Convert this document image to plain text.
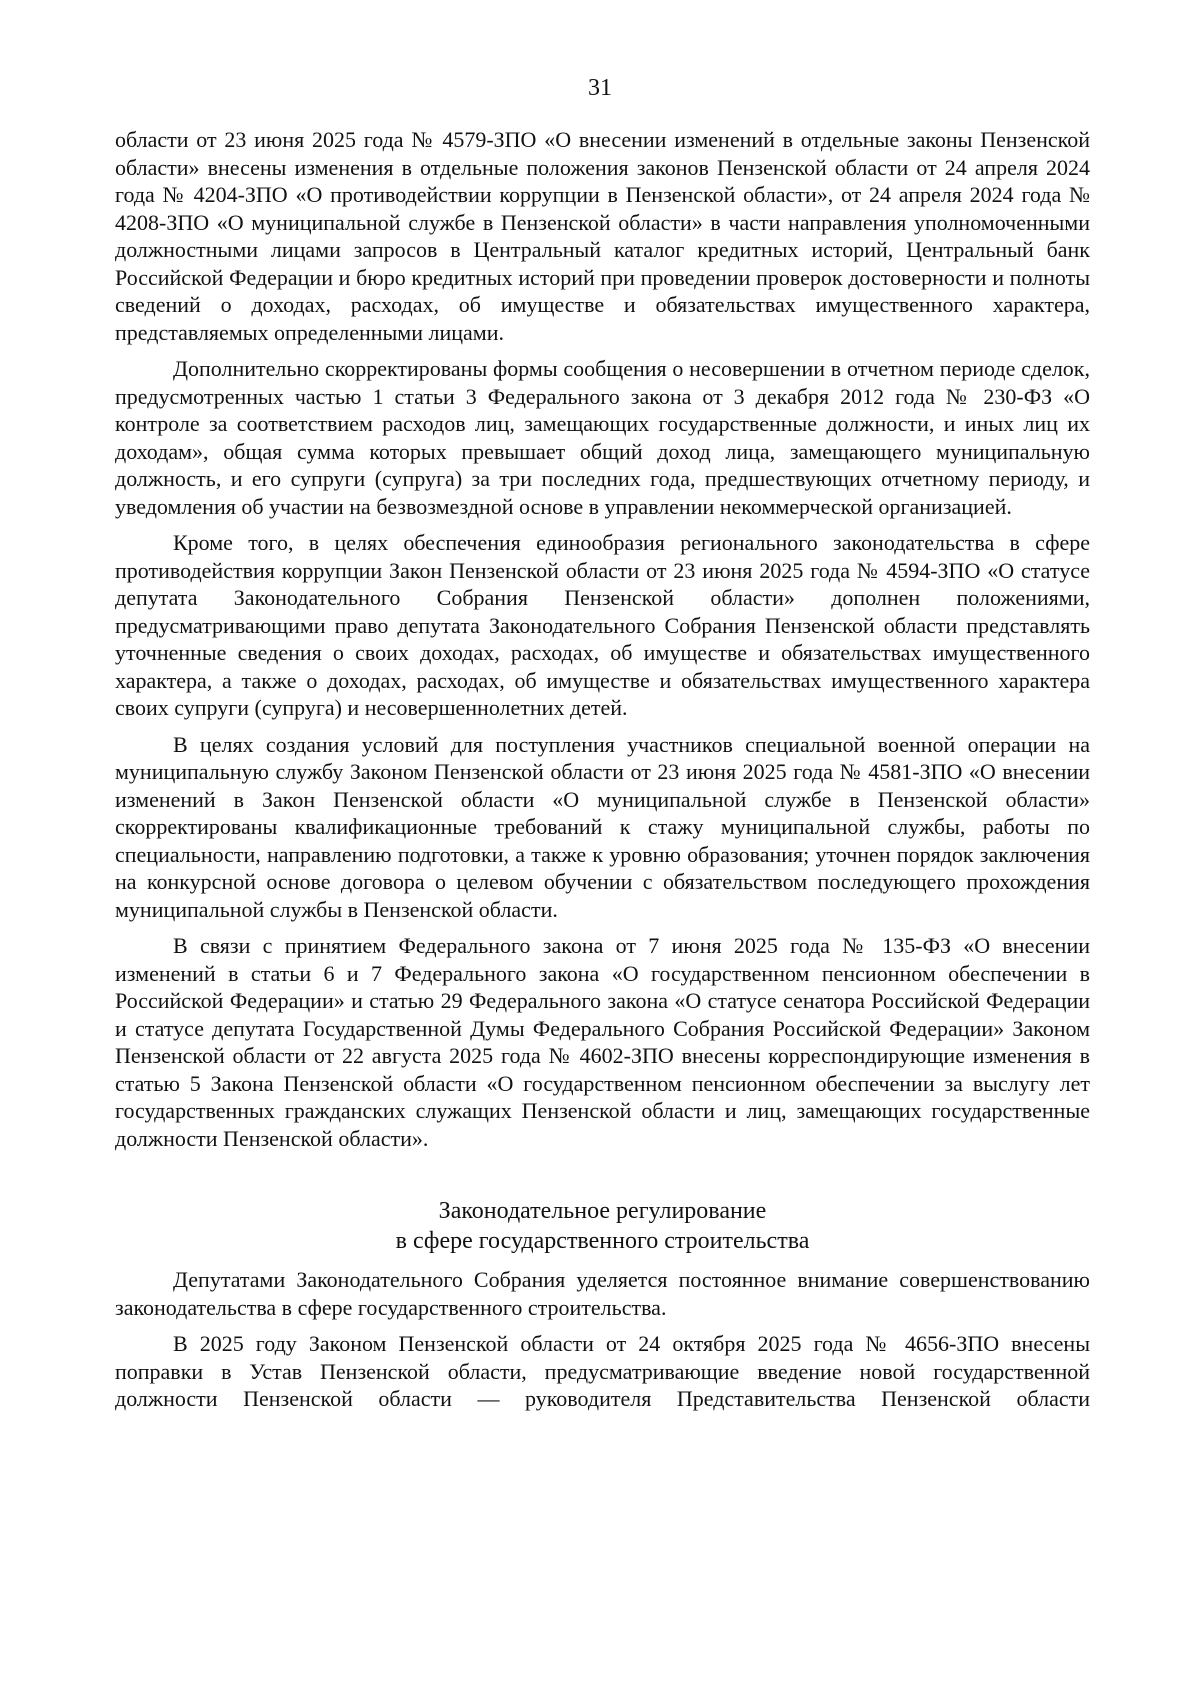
31

области от 23 июня 2025 года № 4579-ЗПО «О внесении изменений в отдельные законы Пензенской области» внесены изменения в отдельные положения законов Пензенской области от 24 апреля 2024 года № 4204-ЗПО «О противодействии коррупции в Пензенской области», от 24 апреля 2024 года № 4208-ЗПО «О муниципальной службе в Пензенской области» в части направления уполномоченными должностными лицами запросов в Центральный каталог кредитных историй, Центральный банк Российской Федерации и бюро кредитных историй при проведении проверок достоверности и полноты сведений о доходах, расходах, об имуществе и обязательствах имущественного характера, представляемых определенными лицами.

Дополнительно скорректированы формы сообщения о несовершении в отчетном периоде сделок, предусмотренных частью 1 статьи 3 Федерального закона от 3 декабря 2012 года № 230-ФЗ «О контроле за соответствием расходов лиц, замещающих государственные должности, и иных лиц их доходам», общая сумма которых превышает общий доход лица, замещающего муниципальную должность, и его супруги (супруга) за три последних года, предшествующих отчетному периоду, и уведомления об участии на безвозмездной основе в управлении некоммерческой организацией.

Кроме того, в целях обеспечения единообразия регионального законодательства в сфере противодействия коррупции Закон Пензенской области от 23 июня 2025 года № 4594-ЗПО «О статусе депутата Законодательного Собрания Пензенской области» дополнен положениями, предусматривающими право депутата Законодательного Собрания Пензенской области представлять уточненные сведения о своих доходах, расходах, об имуществе и обязательствах имущественного характера, а также о доходах, расходах, об имуществе и обязательствах имущественного характера своих супруги (супруга) и несовершеннолетних детей.

В целях создания условий для поступления участников специальной военной операции на муниципальную службу Законом Пензенской области от 23 июня 2025 года № 4581-ЗПО «О внесении изменений в Закон Пензенской области «О муниципальной службе в Пензенской области» скорректированы квалификационные требований к стажу муниципальной службы, работы по специальности, направлению подготовки, а также к уровню образования; уточнен порядок заключения на конкурсной основе договора о целевом обучении с обязательством последующего прохождения муниципальной службы в Пензенской области.

В связи с принятием Федерального закона от 7 июня 2025 года № 135-ФЗ «О внесении изменений в статьи 6 и 7 Федерального закона «О государственном пенсионном обеспечении в Российской Федерации» и статью 29 Федерального закона «О статусе сенатора Российской Федерации и статусе депутата Государственной Думы Федерального Собрания Российской Федерации» Законом Пензенской области от 22 августа 2025 года № 4602-ЗПО внесены корреспондирующие изменения в статью 5 Закона Пензенской области «О государственном пенсионном обеспечении за выслугу лет государственных гражданских служащих Пензенской области и лиц, замещающих государственные должности Пензенской области».

Законодательное регулирование
в сфере государственного строительства

Депутатами Законодательного Собрания уделяется постоянное внимание совершенствованию законодательства в сфере государственного строительства.

В 2025 году Законом Пензенской области от 24 октября 2025 года № 4656-ЗПО внесены поправки в Устав Пензенской области, предусматривающие введение новой государственной должности Пензенской области — руководителя Представительства Пензенской области
